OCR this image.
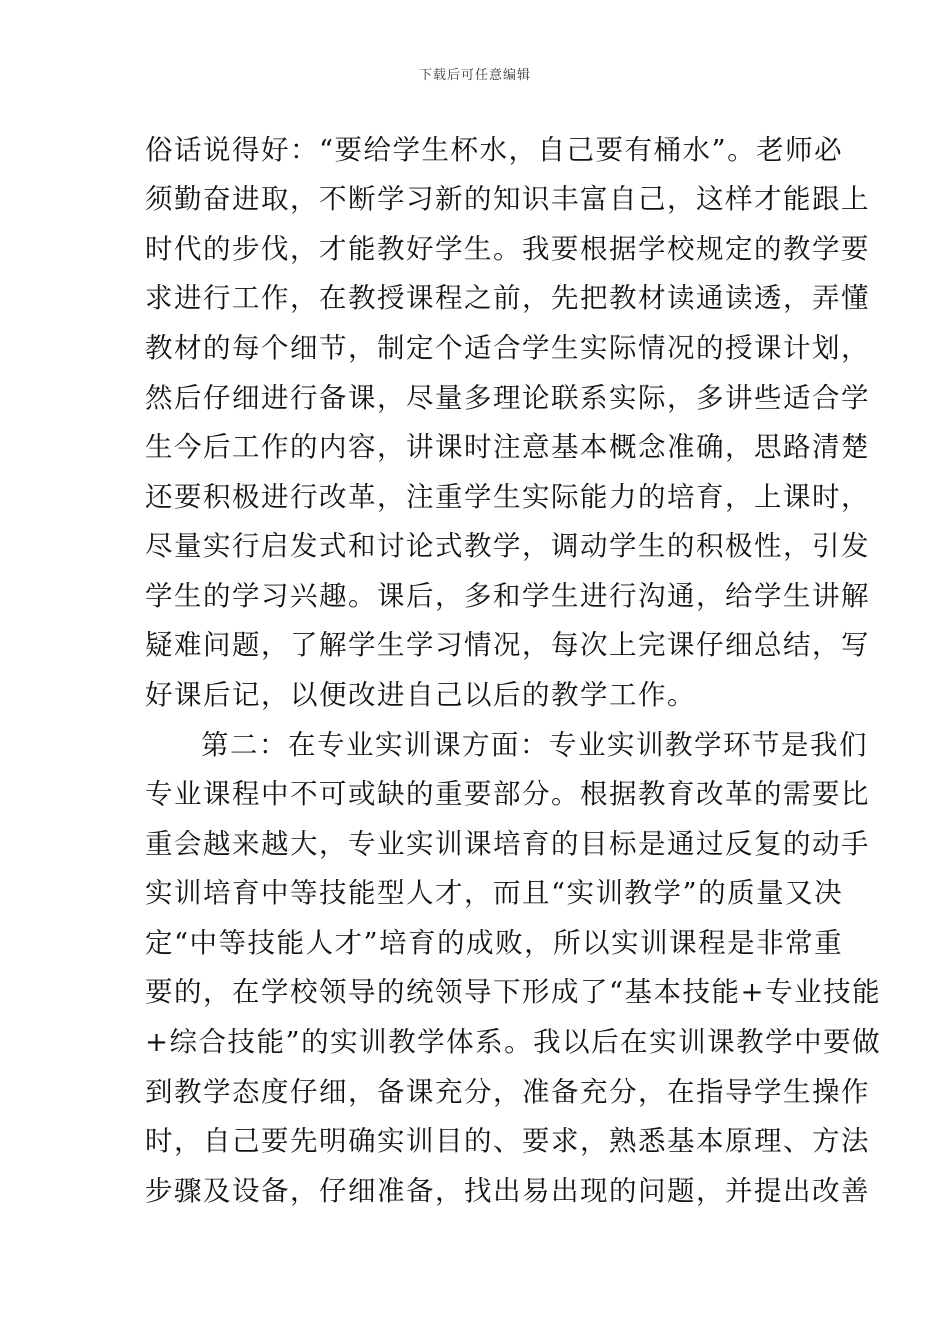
下载后可任意编辑
俗话说得好：“要给学生杯水，自己要有桶水”。老师必
须勤奋进取，不断学习新的知识丰富自己，这样才能跟上
时代的步伐，才能教好学生。我要根据学校规定的教学要
求进行工作，在教授课程之前，先把教材读通读透，弄懂
教材的每个细节，制定个适合学生实际情况的授课计划，
然后仔细进行备课，尽量多理论联系实际，多讲些适合学
生今后工作的内容，讲课时注意基本概念准确，思路清楚
还要积极进行改革，注重学生实际能力的培育，上课时，
尽量实行启发式和讨论式教学，调动学生的积极性，引发
学生的学习兴趣。课后，多和学生进行沟通，给学生讲解
疑难问题，了解学生学习情况，每次上完课仔细总结，写
好课后记，以便改进自己以后的教学工作。
第二：在专业实训课方面：专业实训教学环节是我们
专业课程中不可或缺的重要部分。根据教育改革的需要比
重会越来越大，专业实训课培育的目标是通过反复的动手
实训培育中等技能型人才，而且“实训教学”的质量又决
定“中等技能人才”培育的成败，所以实训课程是非常重
要的，在学校领导的统领导下形成了“基本技能+专业技能
+综合技能”的实训教学体系。我以后在实训课教学中要做
到教学态度仔细，备课充分，准备充分，在指导学生操作
时，自己要先明确实训目的、要求，熟悉基本原理、方法
步骤及设备，仔细准备，找出易出现的问题，并提出改善
